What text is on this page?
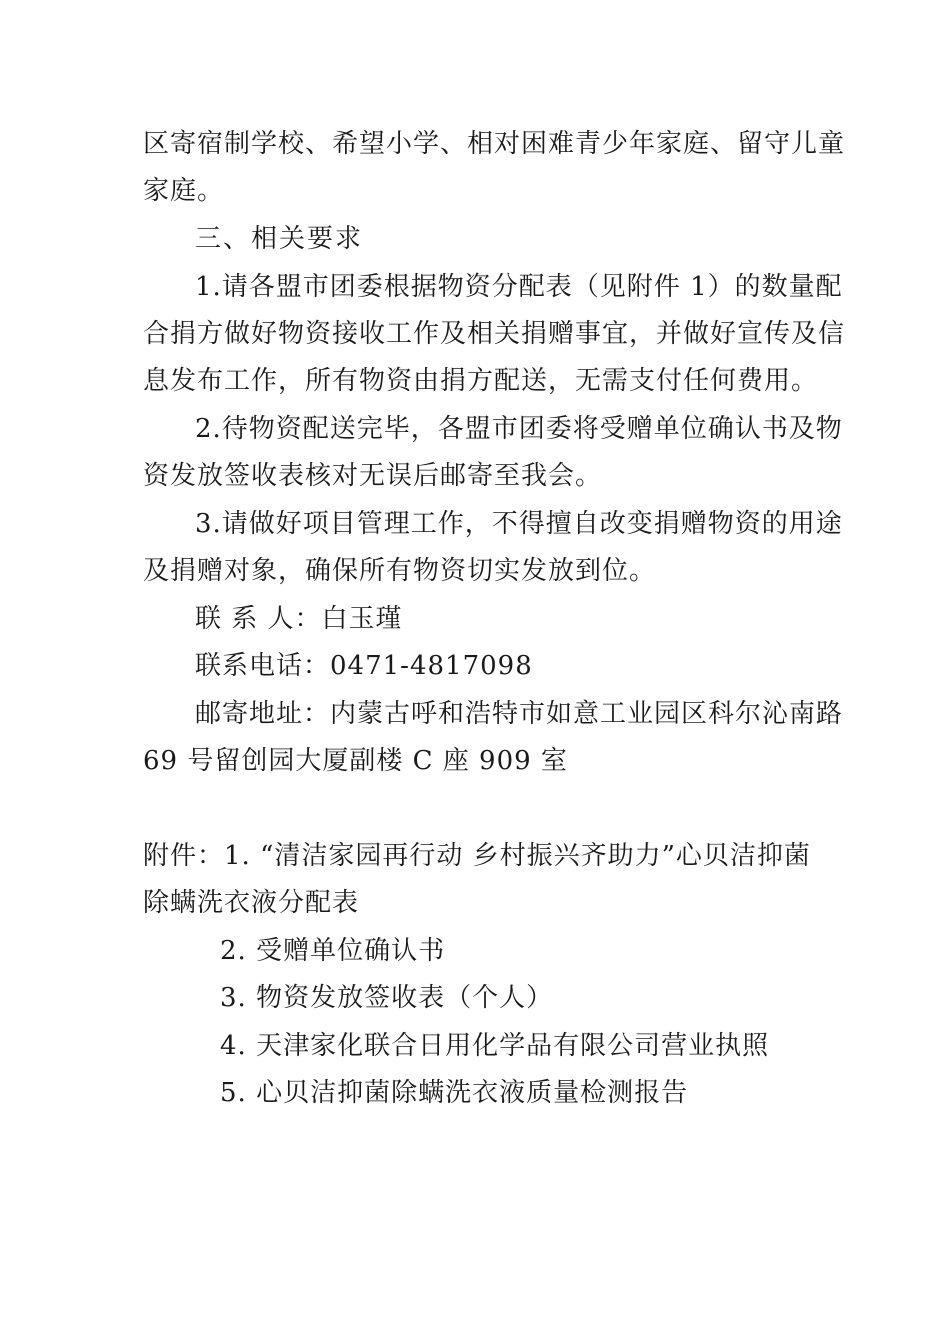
区寄宿制学校、希望小学、相对困难青少年家庭、留守儿童
家庭。
三、相关要求
1.请各盟市团委根据物资分配表（见附件 1）的数量配
合捐方做好物资接收工作及相关捐赠事宜，并做好宣传及信
息发布工作，所有物资由捐方配送，无需支付任何费用。
2.待物资配送完毕，各盟市团委将受赠单位确认书及物
资发放签收表核对无误后邮寄至我会。
3.请做好项目管理工作，不得擅自改变捐赠物资的用途
及捐赠对象，确保所有物资切实发放到位。
联 系 人：白玉瑾
联系电话：0471-4817098
邮寄地址：内蒙古呼和浩特市如意工业园区科尔沁南路
69 号留创园大厦副楼 C 座 909 室
附件：1. “清洁家园再行动 乡村振兴齐助力”心贝洁抑菌
除螨洗衣液分配表
2. 受赠单位确认书
3. 物资发放签收表（个人）
4. 天津家化联合日用化学品有限公司营业执照
5. 心贝洁抑菌除螨洗衣液质量检测报告
